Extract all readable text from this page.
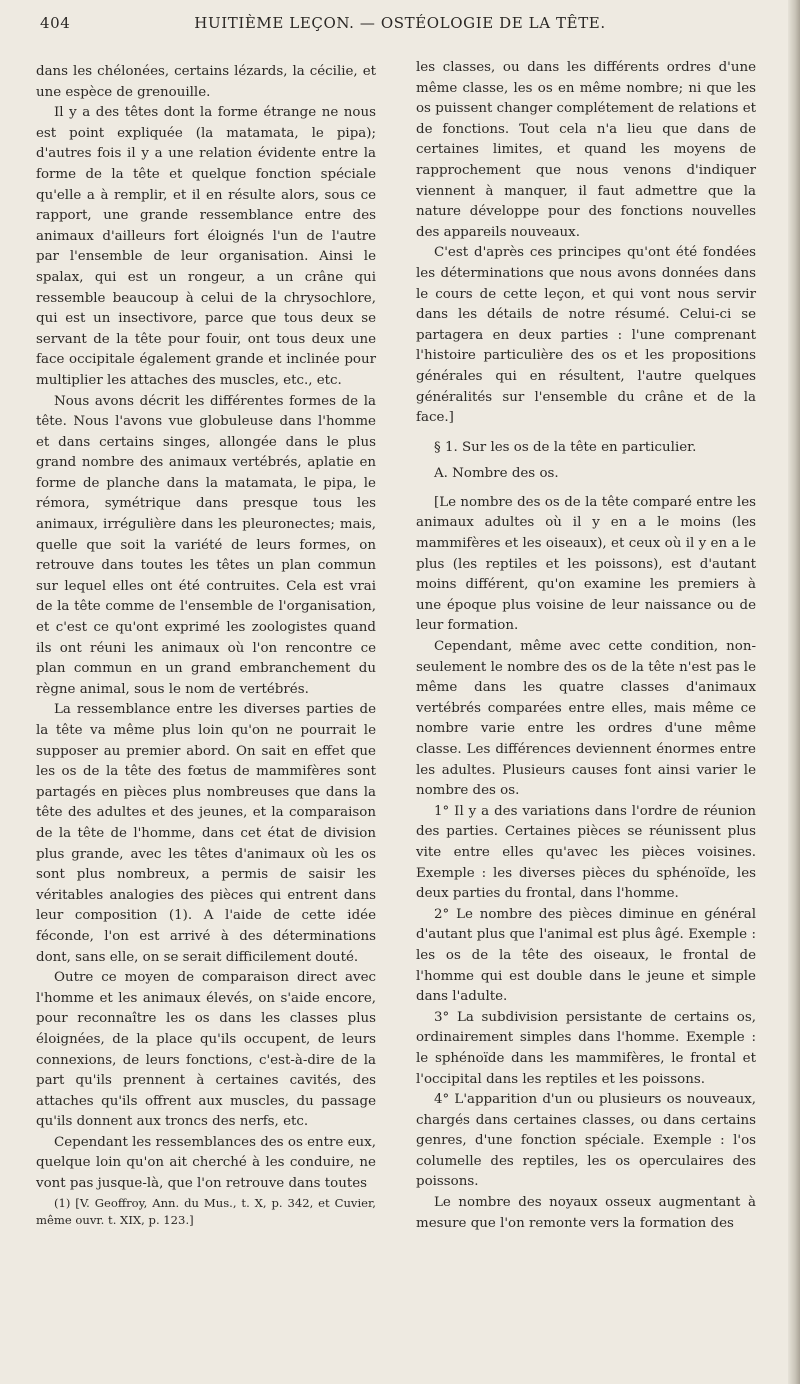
404	HUITIÈME LEÇON. — OSTÉOLOGIE DE LA TÊTE.

dans les chélonées, certains lézards, la cécilie, et une espèce de grenouille.

Il y a des têtes dont la forme étrange ne nous est point expliquée (la matamata, le pipa); d'autres fois il y a une relation évidente entre la forme de la tête et quelque fonction spéciale qu'elle a à remplir, et il en résulte alors, sous ce rapport, une grande ressemblance entre des animaux d'ailleurs fort éloignés l'un de l'autre par l'ensemble de leur organisation. Ainsi le spalax, qui est un rongeur, a un crâne qui ressemble beaucoup à celui de la chrysochlore, qui est un insectivore, parce que tous deux se servant de la tête pour fouir, ont tous deux une face occipitale également grande et inclinée pour multiplier les attaches des muscles, etc., etc.

Nous avons décrit les différentes formes de la tête. Nous l'avons vue globuleuse dans l'homme et dans certains singes, allongée dans le plus grand nombre des animaux vertébrés, aplatie en forme de planche dans la matamata, le pipa, le rémora, symétrique dans presque tous les animaux, irrégulière dans les pleuronectes; mais, quelle que soit la variété de leurs formes, on retrouve dans toutes les têtes un plan commun sur lequel elles ont été contruites. Cela est vrai de la tête comme de l'ensemble de l'organisation, et c'est ce qu'ont exprimé les zoologistes quand ils ont réuni les animaux où l'on rencontre ce plan commun en un grand embranchement du règne animal, sous le nom de vertébrés.

La ressemblance entre les diverses parties de la tête va même plus loin qu'on ne pourrait le supposer au premier abord. On sait en effet que les os de la tête des fœtus de mammifères sont partagés en pièces plus nombreuses que dans la tête des adultes et des jeunes, et la comparaison de la tête de l'homme, dans cet état de division plus grande, avec les têtes d'animaux où les os sont plus nombreux, a permis de saisir les véritables analogies des pièces qui entrent dans leur composition (1). A l'aide de cette idée féconde, l'on est arrivé à des déterminations dont, sans elle, on se serait difficilement douté.

Outre ce moyen de comparaison direct avec l'homme et les animaux élevés, on s'aide encore, pour reconnaître les os dans les classes plus éloignées, de la place qu'ils occupent, de leurs connexions, de leurs fonctions, c'est-à-dire de la part qu'ils prennent à certaines cavités, des attaches qu'ils offrent aux muscles, du passage qu'ils donnent aux troncs des nerfs, etc.

Cependant les ressemblances des os entre eux, quelque loin qu'on ait cherché à les conduire, ne vont pas jusque-là, que l'on retrouve dans toutes

(1) [V. Geoffroy, Ann. du Mus., t. X, p. 342, et Cuvier, même ouvr. t. XIX, p. 123.]

les classes, ou dans les différents ordres d'une même classe, les os en même nombre; ni que les os puissent changer complétement de relations et de fonctions. Tout cela n'a lieu que dans de certaines limites, et quand les moyens de rapprochement que nous venons d'indiquer viennent à manquer, il faut admettre que la nature développe pour des fonctions nouvelles des appareils nouveaux.

C'est d'après ces principes qu'ont été fondées les déterminations que nous avons données dans le cours de cette leçon, et qui vont nous servir dans les détails de notre résumé. Celui-ci se partagera en deux parties : l'une comprenant l'histoire particulière des os et les propositions générales qui en résultent, l'autre quelques généralités sur l'ensemble du crâne et de la face.]

§ 1. Sur les os de la tête en particulier.

A. Nombre des os.

[Le nombre des os de la tête comparé entre les animaux adultes où il y en a le moins (les mammifères et les oiseaux), et ceux où il y en a le plus (les reptiles et les poissons), est d'autant moins différent, qu'on examine les premiers à une époque plus voisine de leur naissance ou de leur formation.

Cependant, même avec cette condition, non-seulement le nombre des os de la tête n'est pas le même dans les quatre classes d'animaux vertébrés comparées entre elles, mais même ce nombre varie entre les ordres d'une même classe. Les différences deviennent énormes entre les adultes. Plusieurs causes font ainsi varier le nombre des os.

1° Il y a des variations dans l'ordre de réunion des parties. Certaines pièces se réunissent plus vite entre elles qu'avec les pièces voisines. Exemple : les diverses pièces du sphénoïde, les deux parties du frontal, dans l'homme.

2° Le nombre des pièces diminue en général d'autant plus que l'animal est plus âgé. Exemple : les os de la tête des oiseaux, le frontal de l'homme qui est double dans le jeune et simple dans l'adulte.

3° La subdivision persistante de certains os, ordinairement simples dans l'homme. Exemple : le sphénoïde dans les mammifères, le frontal et l'occipital dans les reptiles et les poissons.

4° L'apparition d'un ou plusieurs os nouveaux, chargés dans certaines classes, ou dans certains genres, d'une fonction spéciale. Exemple : l'os columelle des reptiles, les os operculaires des poissons.

Le nombre des noyaux osseux augmentant à mesure que l'on remonte vers la formation des
